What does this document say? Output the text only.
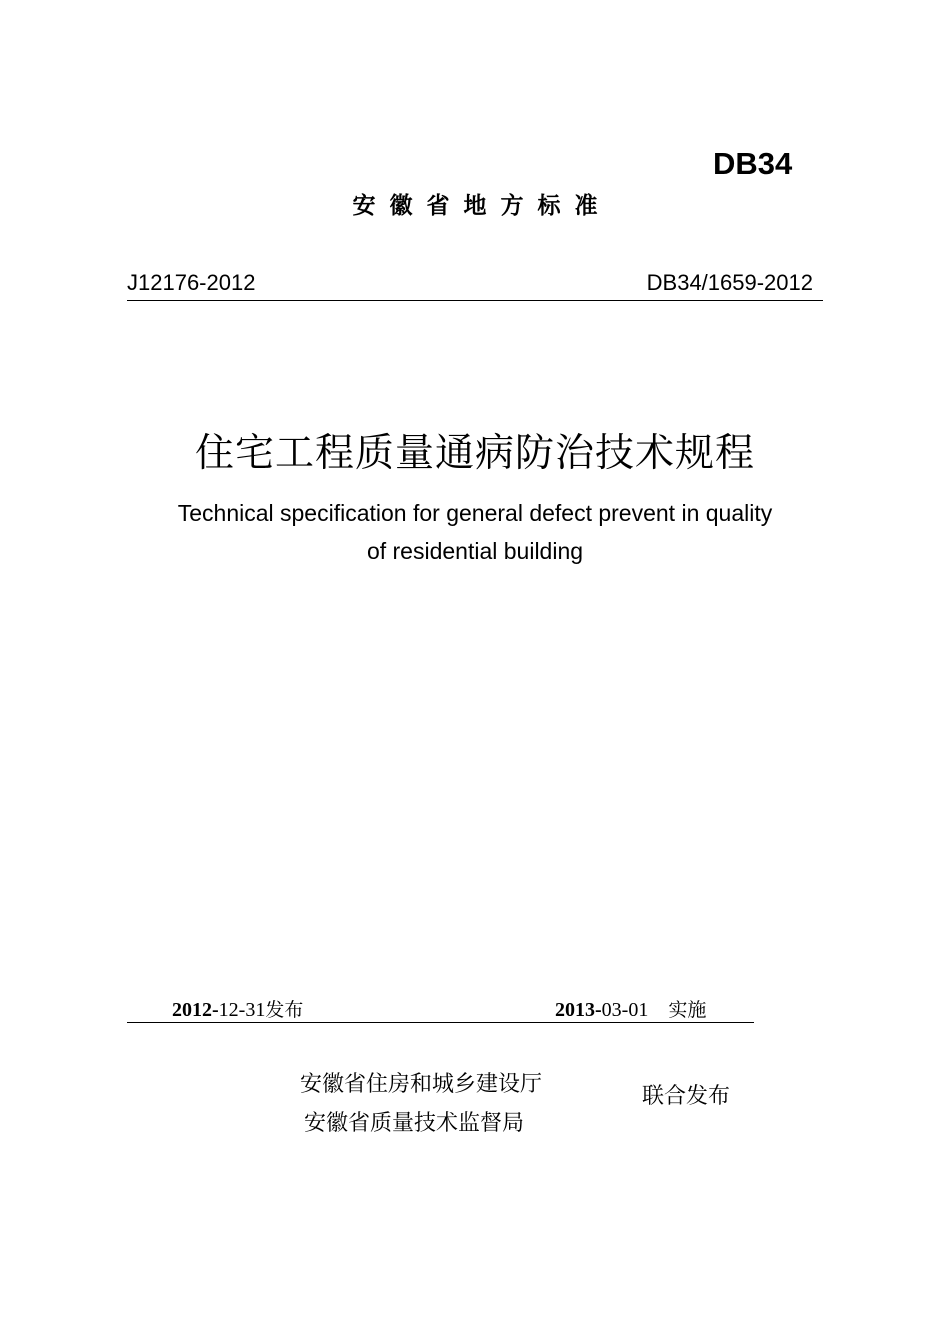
DB34
安徽省地方标准
J12176-2012	DB34/1659-2012
住宅工程质量通病防治技术规程
Technical specification for general defect prevent in quality
of residential building
2012-12-31发布	2013-03-01 实施
安徽省住房和城乡建设厅
安徽省质量技术监督局
联合发布
